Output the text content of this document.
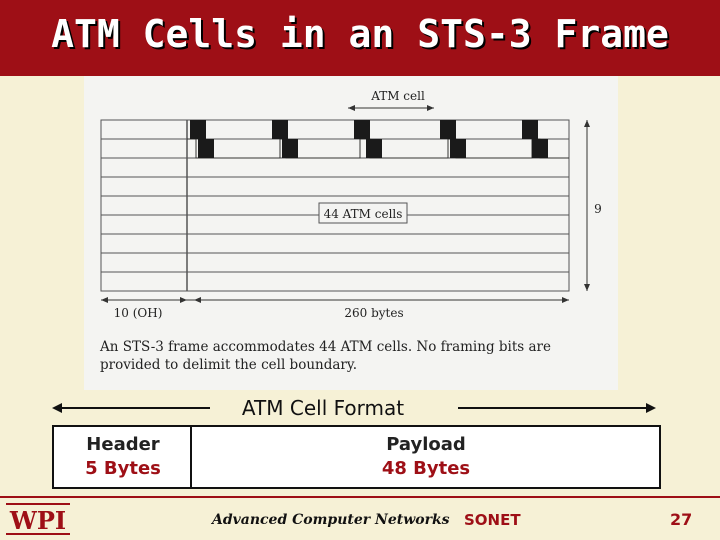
ATM Cells in an STS-3 Frame
ATM cell
44 ATM cells	9
10 (OH)	260 bytes
An STS-3 frame accommodates 44 ATM cells. No framing bits are provided to delimit the cell boundary.
ATM Cell Format
Header
5 Bytes
Payload
48 Bytes
WPI	Advanced Computer Networks SONET	27
